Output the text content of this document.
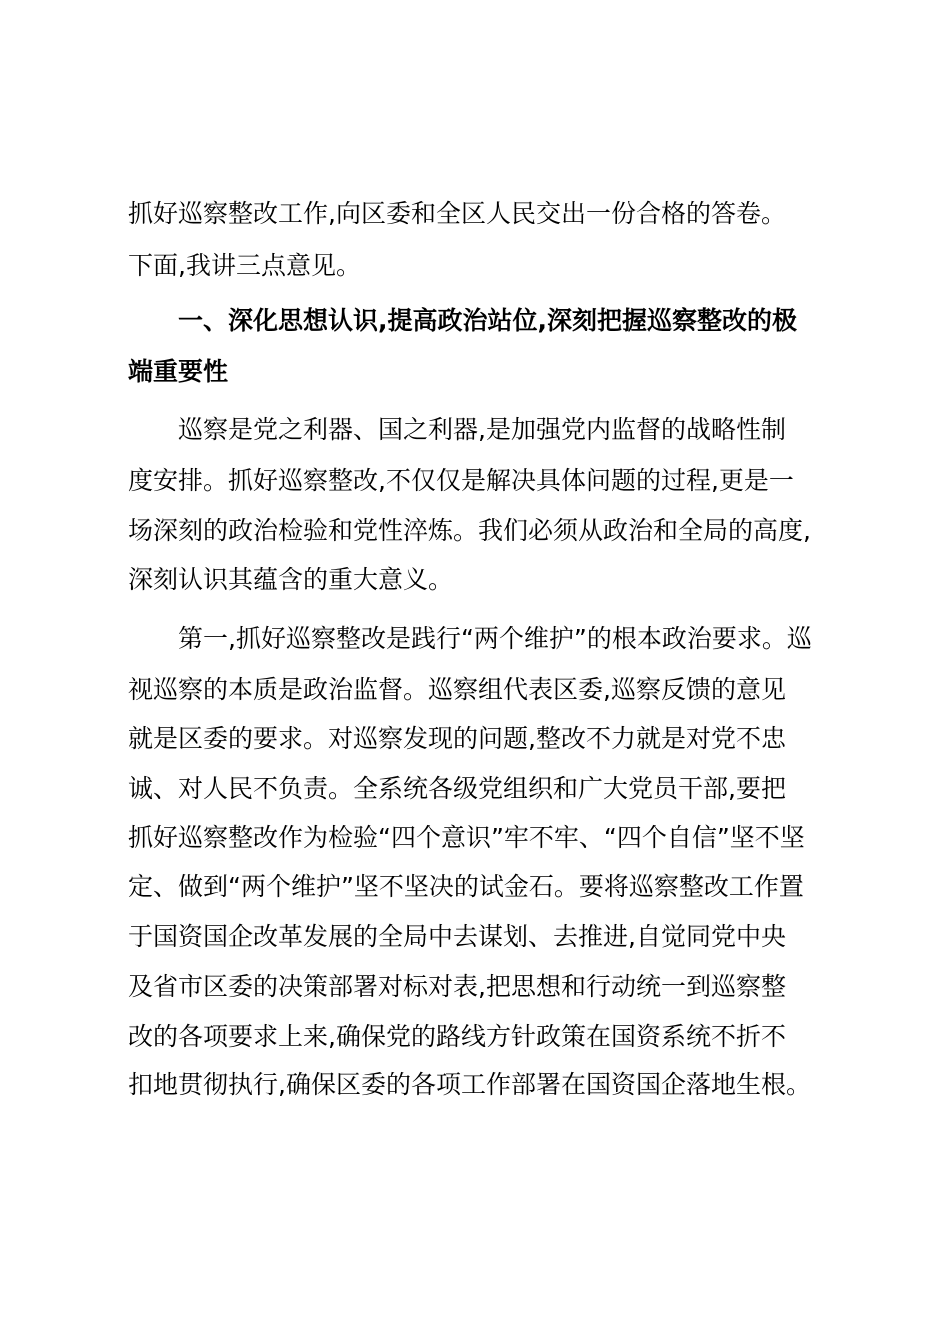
抓好巡察整改工作,向区委和全区人民交出一份合格的答卷。
下面,我讲三点意见。
一、深化思想认识,提高政治站位,深刻把握巡察整改的极
端重要性
巡察是党之利器、国之利器,是加强党内监督的战略性制
度安排。抓好巡察整改,不仅仅是解决具体问题的过程,更是一
场深刻的政治检验和党性淬炼。我们必须从政治和全局的高度,
深刻认识其蕴含的重大意义。
第一,抓好巡察整改是践行“两个维护”的根本政治要求。巡
视巡察的本质是政治监督。巡察组代表区委,巡察反馈的意见
就是区委的要求。对巡察发现的问题,整改不力就是对党不忠
诚、对人民不负责。全系统各级党组织和广大党员干部,要把
抓好巡察整改作为检验“四个意识”牢不牢、“四个自信”坚不坚
定、做到“两个维护”坚不坚决的试金石。要将巡察整改工作置
于国资国企改革发展的全局中去谋划、去推进,自觉同党中央
及省市区委的决策部署对标对表,把思想和行动统一到巡察整
改的各项要求上来,确保党的路线方针政策在国资系统不折不
扣地贯彻执行,确保区委的各项工作部署在国资国企落地生根。
